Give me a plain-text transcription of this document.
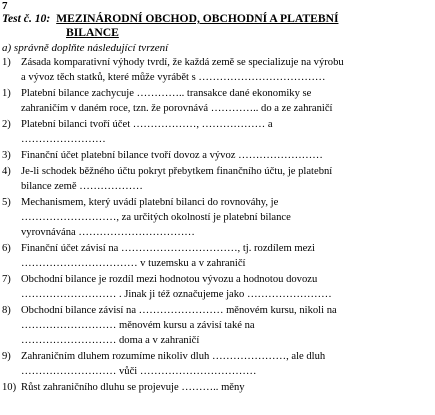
7
Test č. 10: MEZINÁRODNÍ OBCHOD, OBCHODNÍ A PLATEBNÍ
BILANCE
a) správně doplňte následující tvrzení
1) Zásada komparativní výhody tvrdí, že každá země se specializuje na výrobu
a vývoz těch statků, které může vyrábět s ………………………………
1) Platební bilance zachycuje ………….. transakce dané ekonomiky se
zahraničím v daném roce, tzn. že porovnává ………….. do a ze zahraničí
2) Platební bilanci tvoří účet ………………, ……………… a
……………………
3) Finanční účet platební bilance tvoří dovoz a vývoz ……………………
4) Je-li schodek běžného účtu pokryt přebytkem finančního účtu, je platební
bilance země ………………
5) Mechanismem, který uvádí platební bilanci do rovnováhy, je
………………………, za určitých okolností je platební bilance
vyrovnávána ……………………………
6) Finanční účet závisí na ……………………………, tj. rozdílem mezi
…………………………… v tuzemsku a v zahraničí
7) Obchodní bilance je rozdíl mezi hodnotou vývozu a hodnotou dovozu
……………………… . Jinak ji též označujeme jako ……………………
8) Obchodní bilance závisí na …………………… měnovém kursu, nikoli na
……………………… měnovém kursu a závisí také na
……………………… doma a v zahraničí
9) Zahraničním dluhem rozumíme nikoliv dluh …………………, ale dluh
……………………… vůči ……………………………
10) Růst zahraničního dluhu se projevuje ……….. měny
